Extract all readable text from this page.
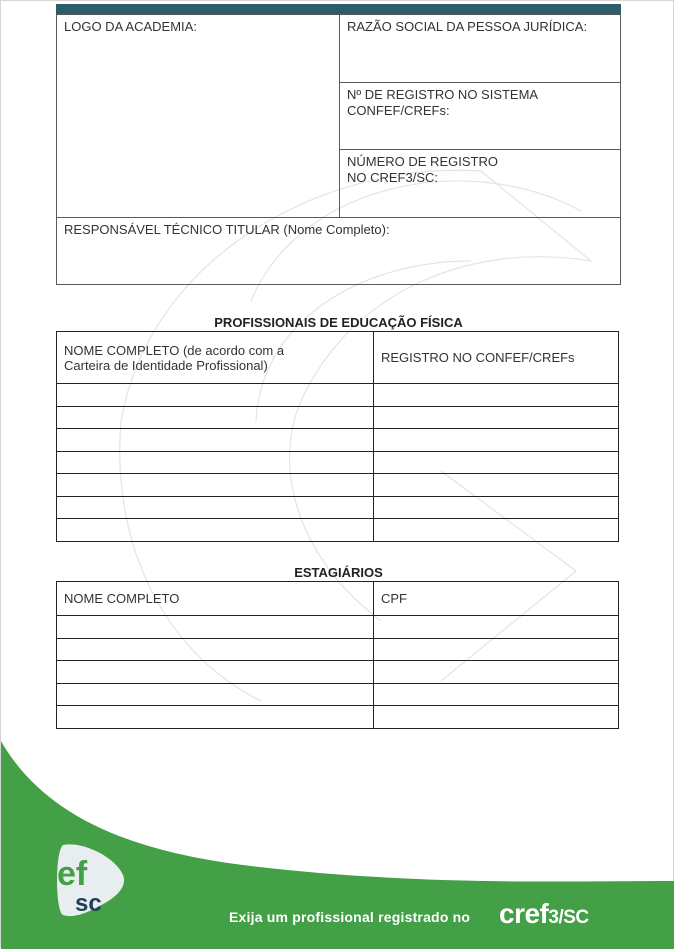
LOGO DA ACADEMIA:	RAZÃO SOCIAL DA PESSOA JURÍDICA:
Nº DE REGISTRO NO SISTEMA
CONFEF/CREFs:
NÚMERO DE REGISTRO
NO CREF3/SC:
RESPONSÁVEL TÉCNICO TITULAR (Nome Completo):
PROFISSIONAIS DE EDUCAÇÃO FÍSICA
NOME COMPLETO (de acordo com a
Carteira de Identidade Profissional)	REGISTRO NO CONFEF/CREFs

ESTAGIÁRIOS
NOME COMPLETO	CPF

ef
sc	Exija um profissional registrado no cref3/SC
